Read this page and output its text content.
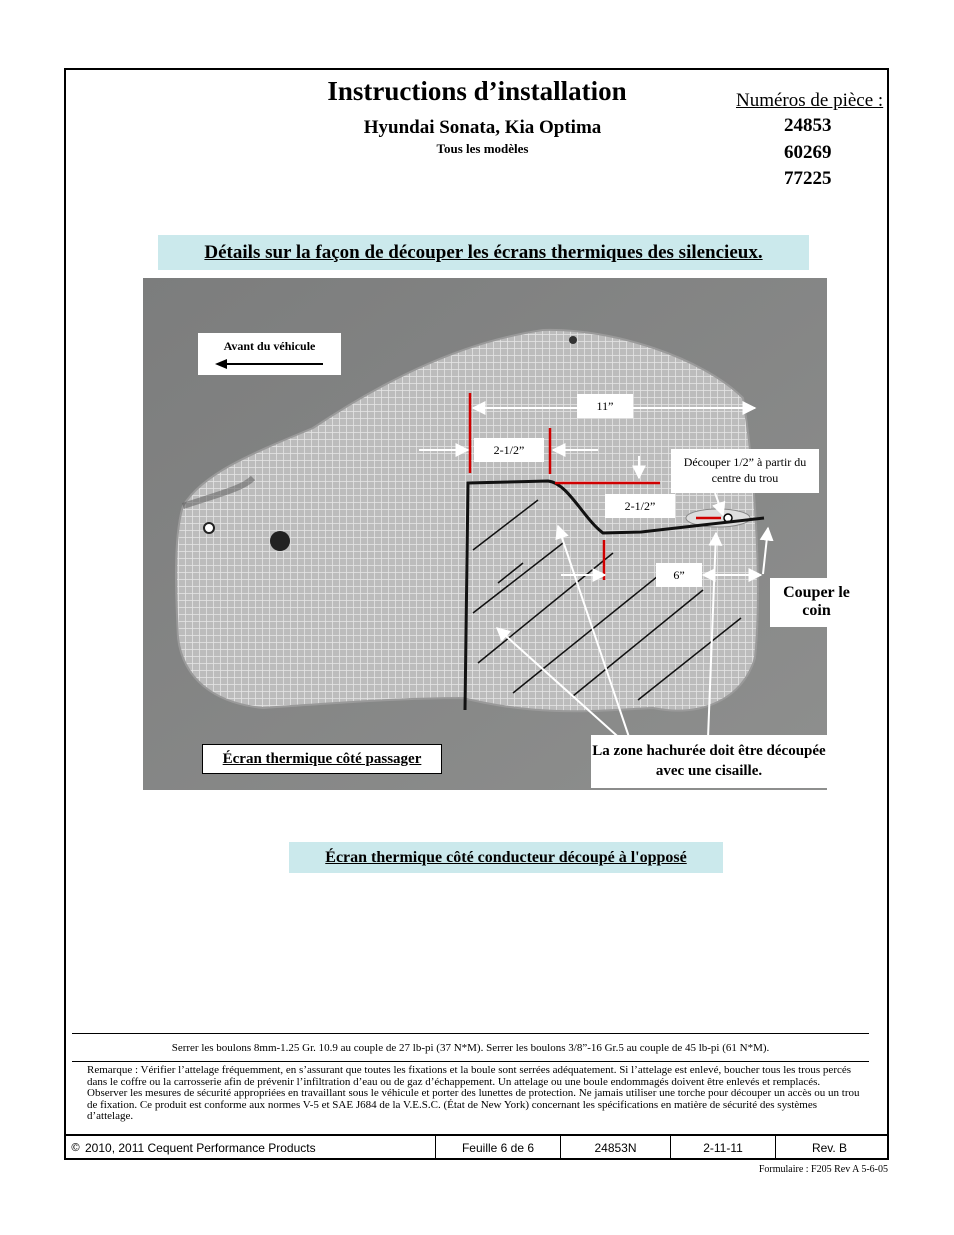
Instructions d’installation
Hyundai Sonata, Kia Optima
Tous les modèles
Numéros de pièce :
24853
60269
77225
Détails sur la façon de découper les écrans thermiques des silencieux.
Avant du véhicule
11”
2-1/2”
2-1/2”
6”
Découper 1/2” à partir du centre du trou
Couper le coin
Écran thermique côté passager	La zone hachurée doit être découpée avec une cisaille.
Écran thermique côté conducteur découpé à l'opposé
Serrer les boulons 8mm-1.25 Gr. 10.9 au couple de 27 lb-pi (37 N*M). Serrer les boulons 3/8”-16 Gr.5 au couple de 45 lb-pi (61 N*M).
Remarque : Vérifier l’attelage fréquemment, en s’assurant que toutes les fixations et la boule sont serrées adéquatement. Si l’attelage est enlevé, boucher tous les trous percés dans le coffre ou la carrosserie afin de prévenir l’infiltration d’eau ou de gaz d’échappement. Un attelage ou une boule endommagés doivent être enlevés et remplacés. Observer les mesures de sécurité appropriées en travaillant sous le véhicule et porter des lunettes de protection. Ne jamais utiliser une torche pour découper un accès ou un trou de fixation. Ce produit est conforme aux normes V-5 et SAE J684 de la V.E.S.C. (État de New York) concernant les spécifications en matière de sécurité des systèmes d’attelage.
© 2010, 2011 Cequent Performance Products	Feuille 6 de 6	24853N	2-11-11	Rev. B
Formulaire : F205 Rev A 5-6-05
